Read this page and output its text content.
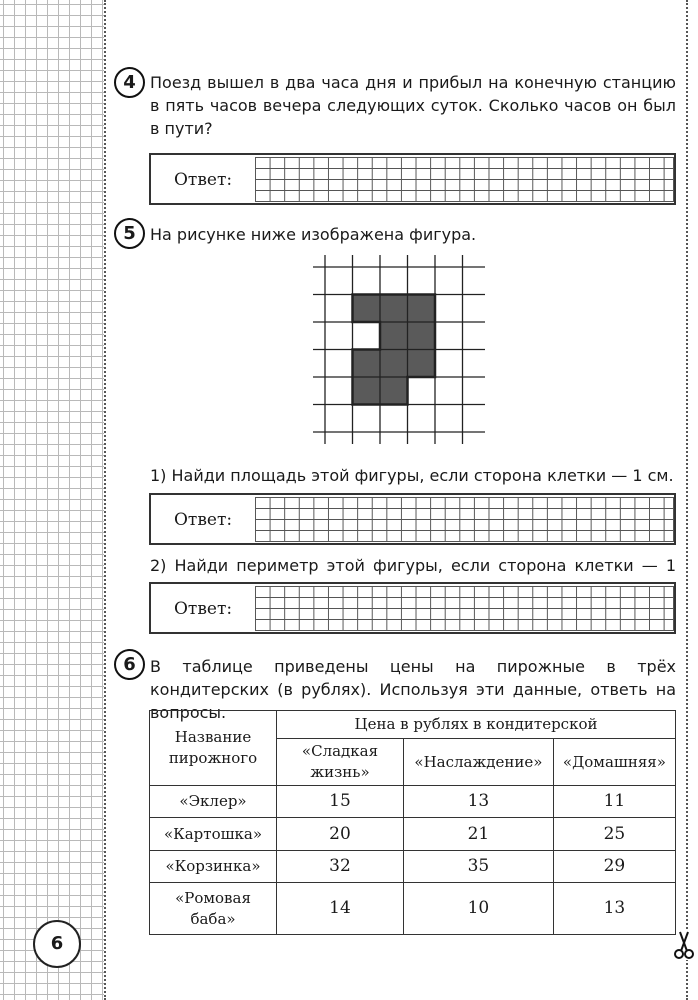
6
4 Поезд вышел в два часа дня и прибыл на конечную станцию в пять часов вечера следующих суток. Сколько часов он был в пути?

Ответ:
5 На рисунке ниже изображена фигура.

1) Найди площадь этой фигуры, если сторона клетки — 1 см.

Ответ:

2) Найди периметр этой фигуры, если сторона клетки — 1

Ответ:
6 В таблице приведены цены на пирожные в трёх кондитерских (в рублях). Используя эти данные, ответь на вопросы.

Название пирожного	Цена в рублях в кондитерской		
	«Сладкая жизнь»	«Наслаждение»	«Домашняя»
«Эклер»	15	13	11
«Картошка»	20	21	25
«Корзинка»	32	35	29
«Ромовая баба»	14	10	13
